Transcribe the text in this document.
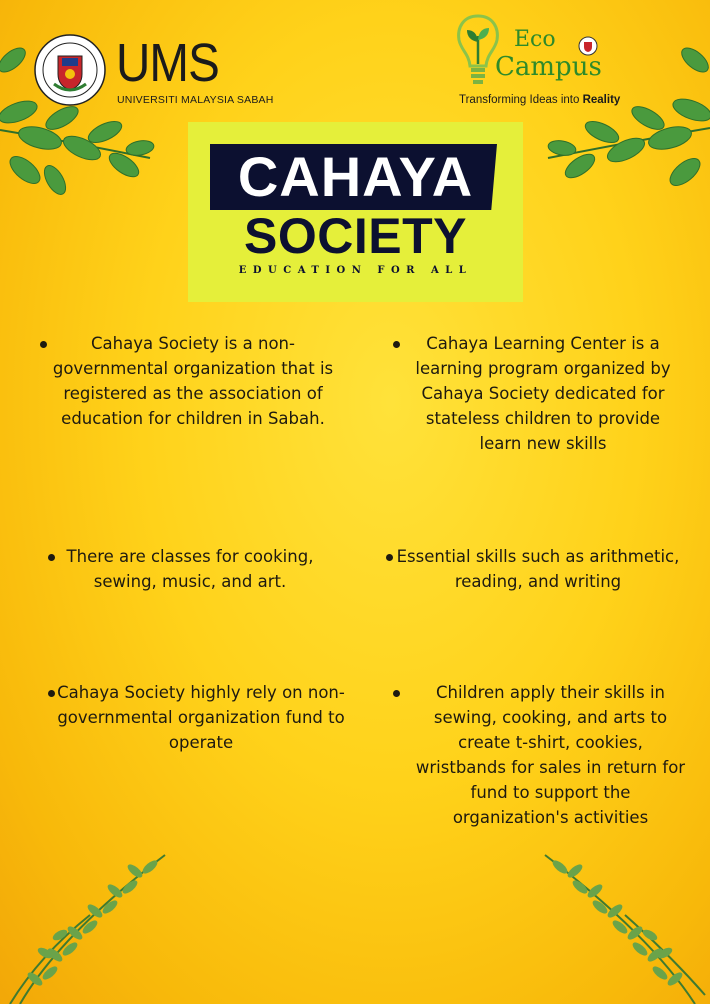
UMS
UNIVERSITI MALAYSIA SABAH
Eco
Campus
Transforming Ideas into Reality
CAHAYA
SOCIETY
EDUCATION FOR ALL
Cahaya Society is a non-governmental organization that is registered as the association of education for children in Sabah.
Cahaya Learning Center is a learning program organized by Cahaya Society dedicated for stateless children to provide learn new skills
There are classes for cooking, sewing, music, and art.
Essential skills such as arithmetic, reading, and writing
Cahaya Society highly rely on non-governmental organization fund to operate
Children apply their skills in sewing, cooking, and arts to create t-shirt, cookies, wristbands for sales in return for fund to support the organization's activities
